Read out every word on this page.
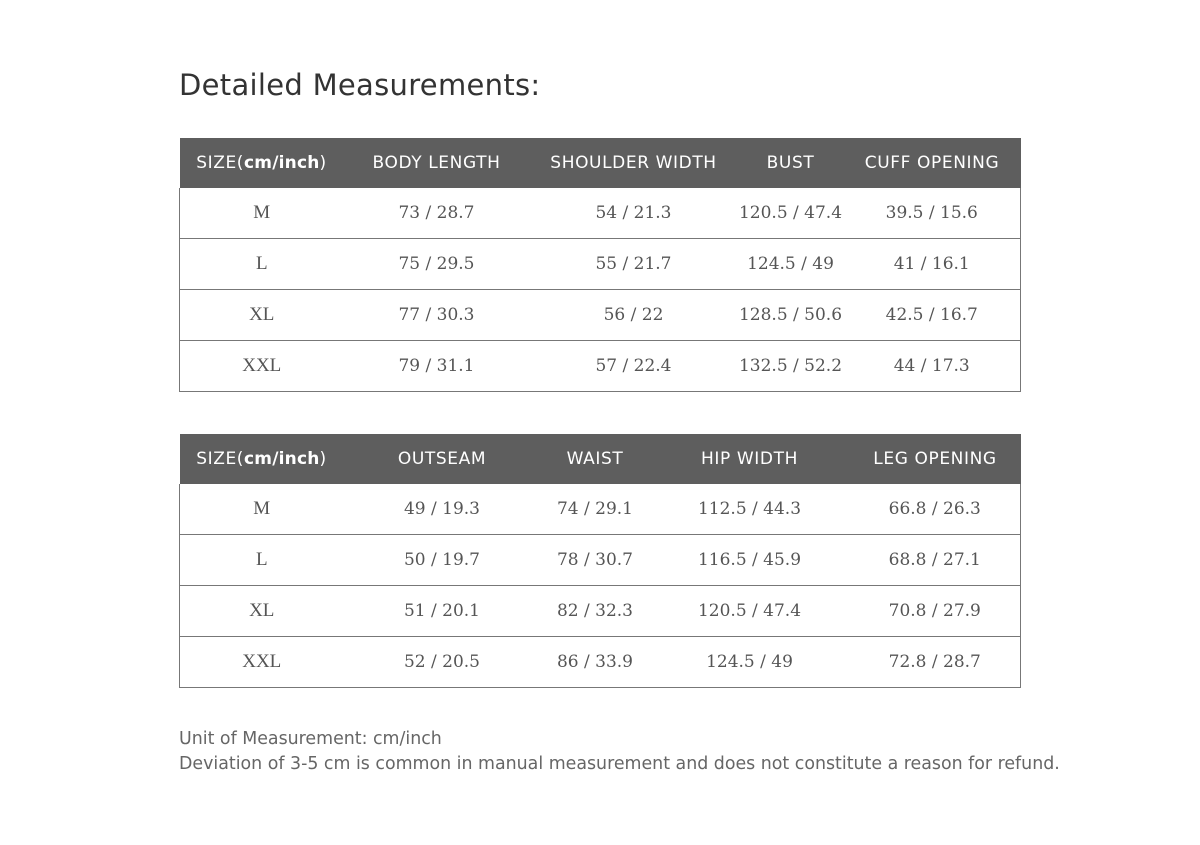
Detailed Measurements:
SIZE(cm/inch)	BODY LENGTH	SHOULDER WIDTH	BUST	CUFF OPENING
M	73 / 28.7	54 / 21.3	120.5 / 47.4	39.5 / 15.6
L	75 / 29.5	55 / 21.7	124.5 / 49	41 / 16.1
XL	77 / 30.3	56 / 22	128.5 / 50.6	42.5 / 16.7
XXL	79 / 31.1	57 / 22.4	132.5 / 52.2	44 / 17.3
SIZE(cm/inch)	OUTSEAM	WAIST	HIP WIDTH	LEG OPENING
M	49 / 19.3	74 / 29.1	112.5 / 44.3	66.8 / 26.3
L	50 / 19.7	78 / 30.7	116.5 / 45.9	68.8 / 27.1
XL	51 / 20.1	82 / 32.3	120.5 / 47.4	70.8 / 27.9
XXL	52 / 20.5	86 / 33.9	124.5 / 49	72.8 / 28.7
Unit of Measurement: cm/inch
Deviation of 3-5 cm is common in manual measurement and does not constitute a reason for refund.
